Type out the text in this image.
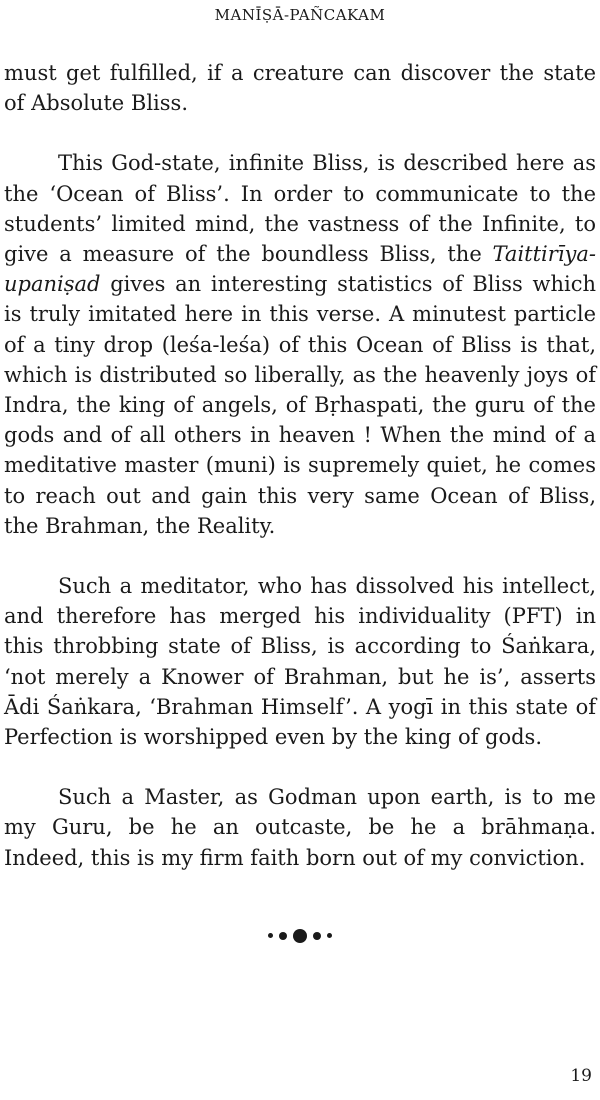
MANĪṢĀ-PAÑCAKAM

must get fulfilled, if a creature can discover the state of Absolute Bliss.

This God-state, infinite Bliss, is described here as the ‘Ocean of Bliss’. In order to communicate to the students’ limited mind, the vastness of the Infinite, to give a measure of the boundless Bliss, the Taittirīya-upaniṣad gives an interesting statistics of Bliss which is truly imitated here in this verse. A minutest particle of a tiny drop (leśa-leśa) of this Ocean of Bliss is that, which is distributed so liberally, as the heavenly joys of Indra, the king of angels, of Bṛhaspati, the guru of the gods and of all others in heaven ! When the mind of a meditative master (muni) is supremely quiet, he comes to reach out and gain this very same Ocean of Bliss, the Brahman, the Reality.

Such a meditator, who has dissolved his intellect, and therefore has merged his individuality (PFT) in this throbbing state of Bliss, is according to Śaṅkara, ‘not merely a Knower of Brahman, but he is’, asserts Ādi Śaṅkara, ‘Brahman Himself’. A yogī in this state of Perfection is worshipped even by the king of gods.

Such a Master, as Godman upon earth, is to me my Guru, be he an outcaste, be he a brāhmaṇa. Indeed, this is my firm faith born out of my conviction.

19
